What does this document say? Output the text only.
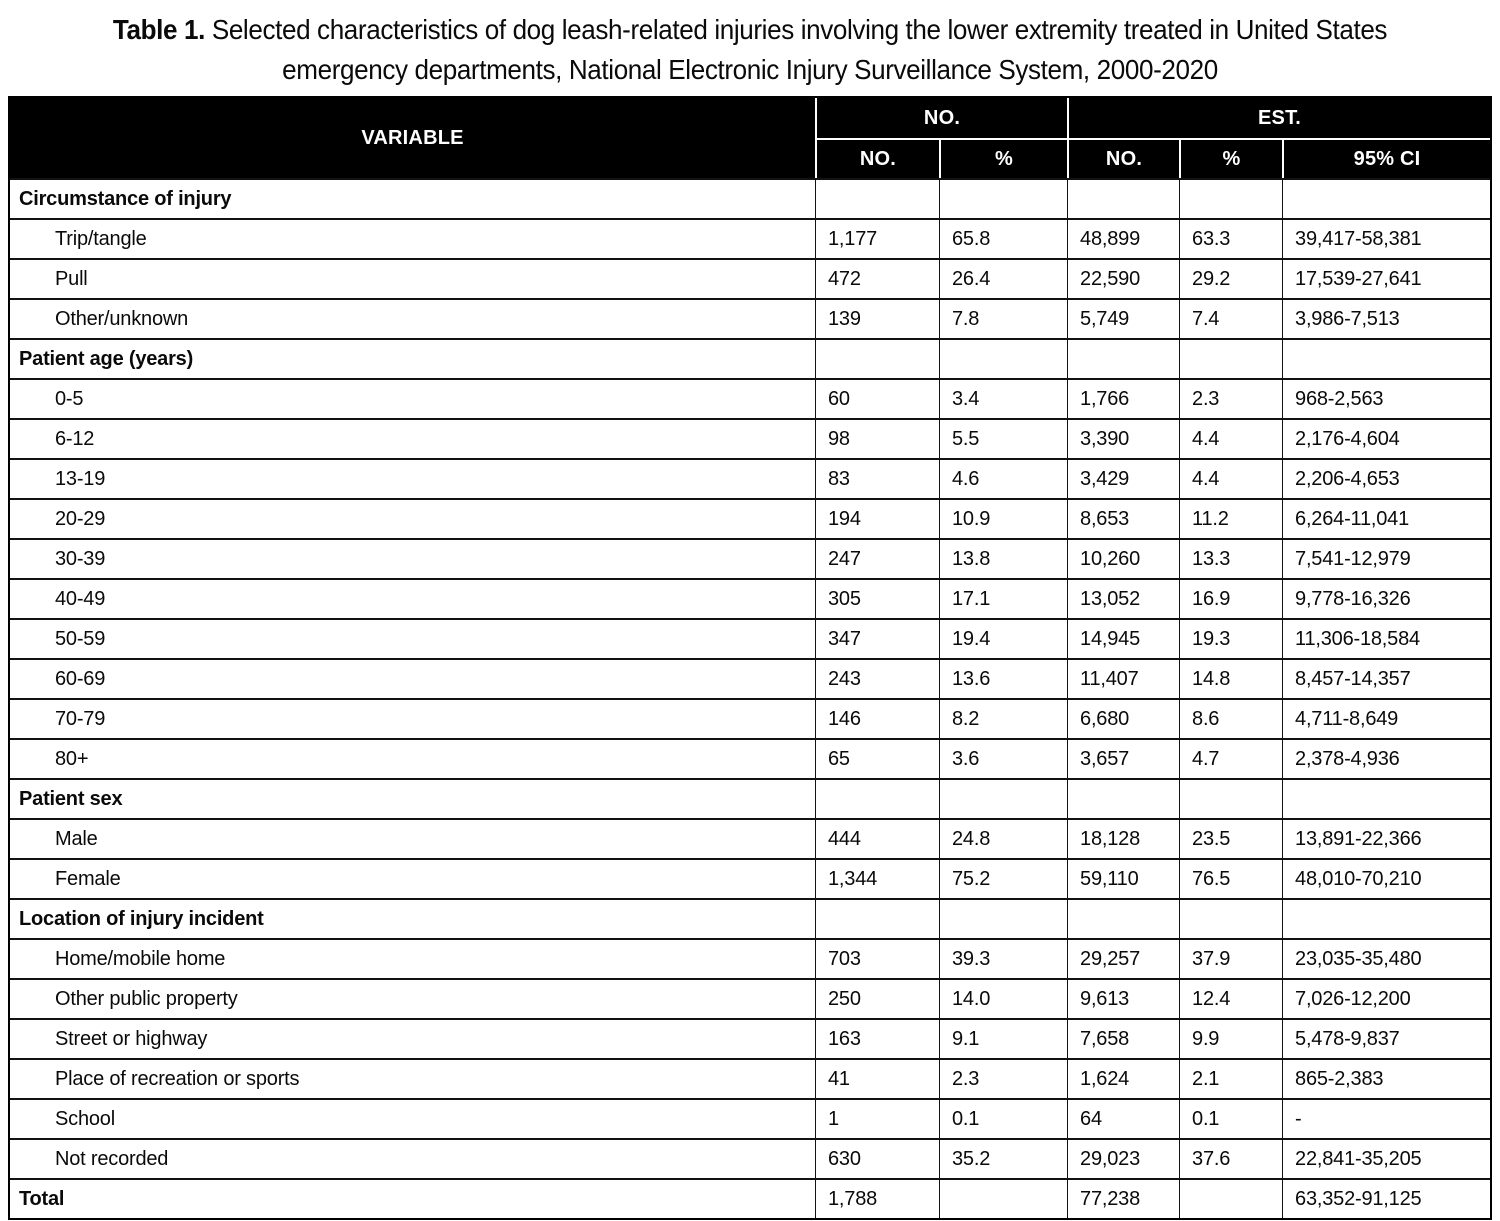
Table 1. Selected characteristics of dog leash-related injuries involving the lower extremity treated in United States
emergency departments, National Electronic Injury Surveillance System, 2000-2020
VARIABLE	NO.		EST.		
	NO.	%	NO.	%	95% CI
Circumstance of injury					
Trip/tangle	1,177	65.8	48,899	63.3	39,417-58,381
Pull	472	26.4	22,590	29.2	17,539-27,641
Other/unknown	139	7.8	5,749	7.4	3,986-7,513
Patient age (years)					
0-5	60	3.4	1,766	2.3	968-2,563
6-12	98	5.5	3,390	4.4	2,176-4,604
13-19	83	4.6	3,429	4.4	2,206-4,653
20-29	194	10.9	8,653	11.2	6,264-11,041
30-39	247	13.8	10,260	13.3	7,541-12,979
40-49	305	17.1	13,052	16.9	9,778-16,326
50-59	347	19.4	14,945	19.3	11,306-18,584
60-69	243	13.6	11,407	14.8	8,457-14,357
70-79	146	8.2	6,680	8.6	4,711-8,649
80+	65	3.6	3,657	4.7	2,378-4,936
Patient sex					
Male	444	24.8	18,128	23.5	13,891-22,366
Female	1,344	75.2	59,110	76.5	48,010-70,210
Location of injury incident					
Home/mobile home	703	39.3	29,257	37.9	23,035-35,480
Other public property	250	14.0	9,613	12.4	7,026-12,200
Street or highway	163	9.1	7,658	9.9	5,478-9,837
Place of recreation or sports	41	2.3	1,624	2.1	865-2,383
School	1	0.1	64	0.1	-
Not recorded	630	35.2	29,023	37.6	22,841-35,205
Total	1,788		77,238		63,352-91,125
